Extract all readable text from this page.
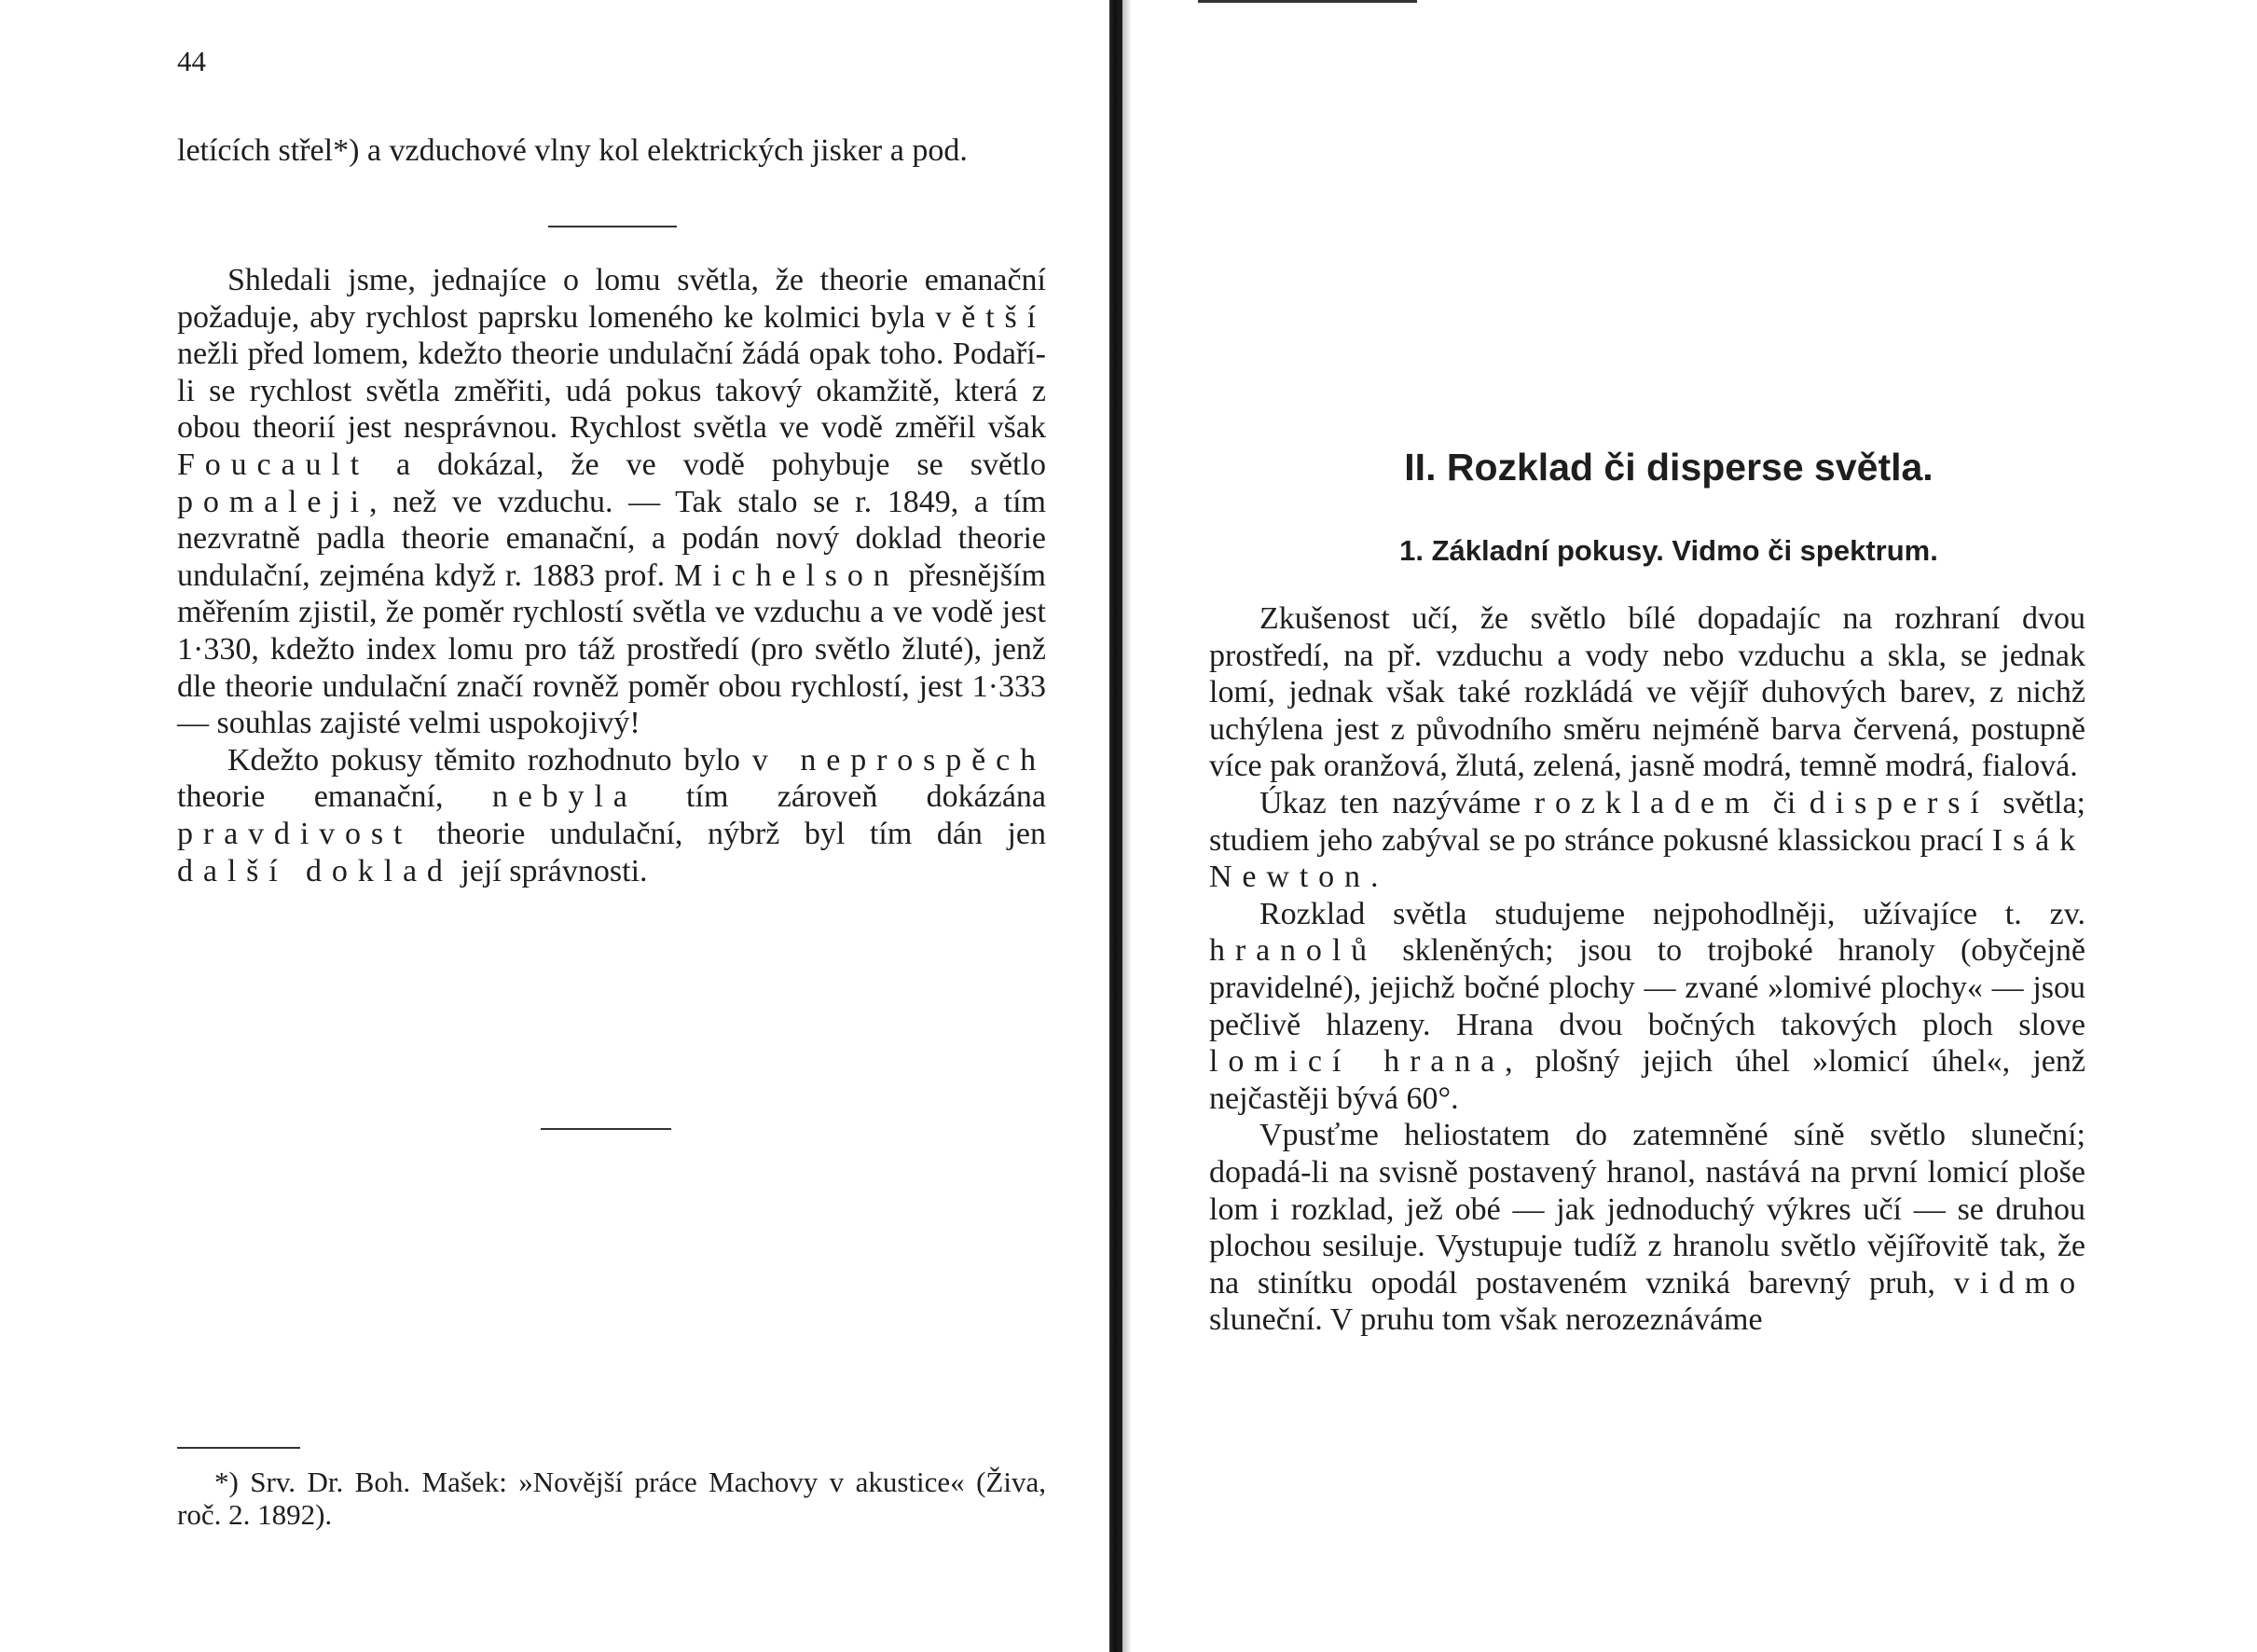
44

letících střel*) a vzduchové vlny kol elektrických jisker a pod.

Shledali jsme, jednajíce o lomu světla, že theorie emanační požaduje, aby rychlost paprsku lomeného ke kolmici byla větší nežli před lomem, kdežto theorie undulační žádá opak toho. Podaří-li se rychlost světla změřiti, udá pokus takový okamžitě, která z obou theorií jest nesprávnou. Rychlost světla ve vodě změřil však Foucault a dokázal, že ve vodě pohybuje se světlo pomaleji, než ve vzduchu. — Tak stalo se r. 1849, a tím nezvratně padla theorie emanační, a podán nový doklad theorie undulační, zejména když r. 1883 prof. Michelson přesnějším měřením zjistil, že poměr rychlostí světla ve vzduchu a ve vodě jest 1·330, kdežto index lomu pro táž prostředí (pro světlo žluté), jenž dle theorie undulační značí rovněž poměr obou rychlostí, jest 1·333 — souhlas zajisté velmi uspokojivý!

Kdežto pokusy těmito rozhodnuto bylo v neprospěch theorie emanační, nebyla tím zároveň dokázána pravdivost theorie undulační, nýbrž byl tím dán jen další doklad její správnosti.

*) Srv. Dr. Boh. Mašek: »Novější práce Machovy v akustice« (Živa, roč. 2. 1892).

II. Rozklad či disperse světla.
1. Základní pokusy. Vidmo či spektrum.

Zkušenost učí, že světlo bílé dopadajíc na rozhraní dvou prostředí, na př. vzduchu a vody nebo vzduchu a skla, se jednak lomí, jednak však také rozkládá ve vějíř duhových barev, z nichž uchýlena jest z původního směru nejméně barva červená, postupně více pak oranžová, žlutá, zelená, jasně modrá, temně modrá, fialová.

Úkaz ten nazýváme rozkladem či dispersí světla; studiem jeho zabýval se po stránce pokusné klassickou prací Isák Newton.

Rozklad světla studujeme nejpohodlněji, užívajíce t. zv. hranolů skleněných; jsou to trojboké hranoly (obyčejně pravidelné), jejichž bočné plochy — zvané »lomivé plochy« — jsou pečlivě hlazeny. Hrana dvou bočných takových ploch slove lomicí hrana, plošný jejich úhel »lomicí úhel«, jenž nejčastěji bývá 60°.

Vpusťme heliostatem do zatemněné síně světlo sluneční; dopadá-li na svisně postavený hranol, nastává na první lomicí ploše lom i rozklad, jež obé — jak jednoduchý výkres učí — se druhou plochou sesiluje. Vystupuje tudíž z hranolu světlo vějířovitě tak, že na stinítku opodál postaveném vzniká barevný pruh, vidmo sluneční. V pruhu tom však nerozeznáváme
